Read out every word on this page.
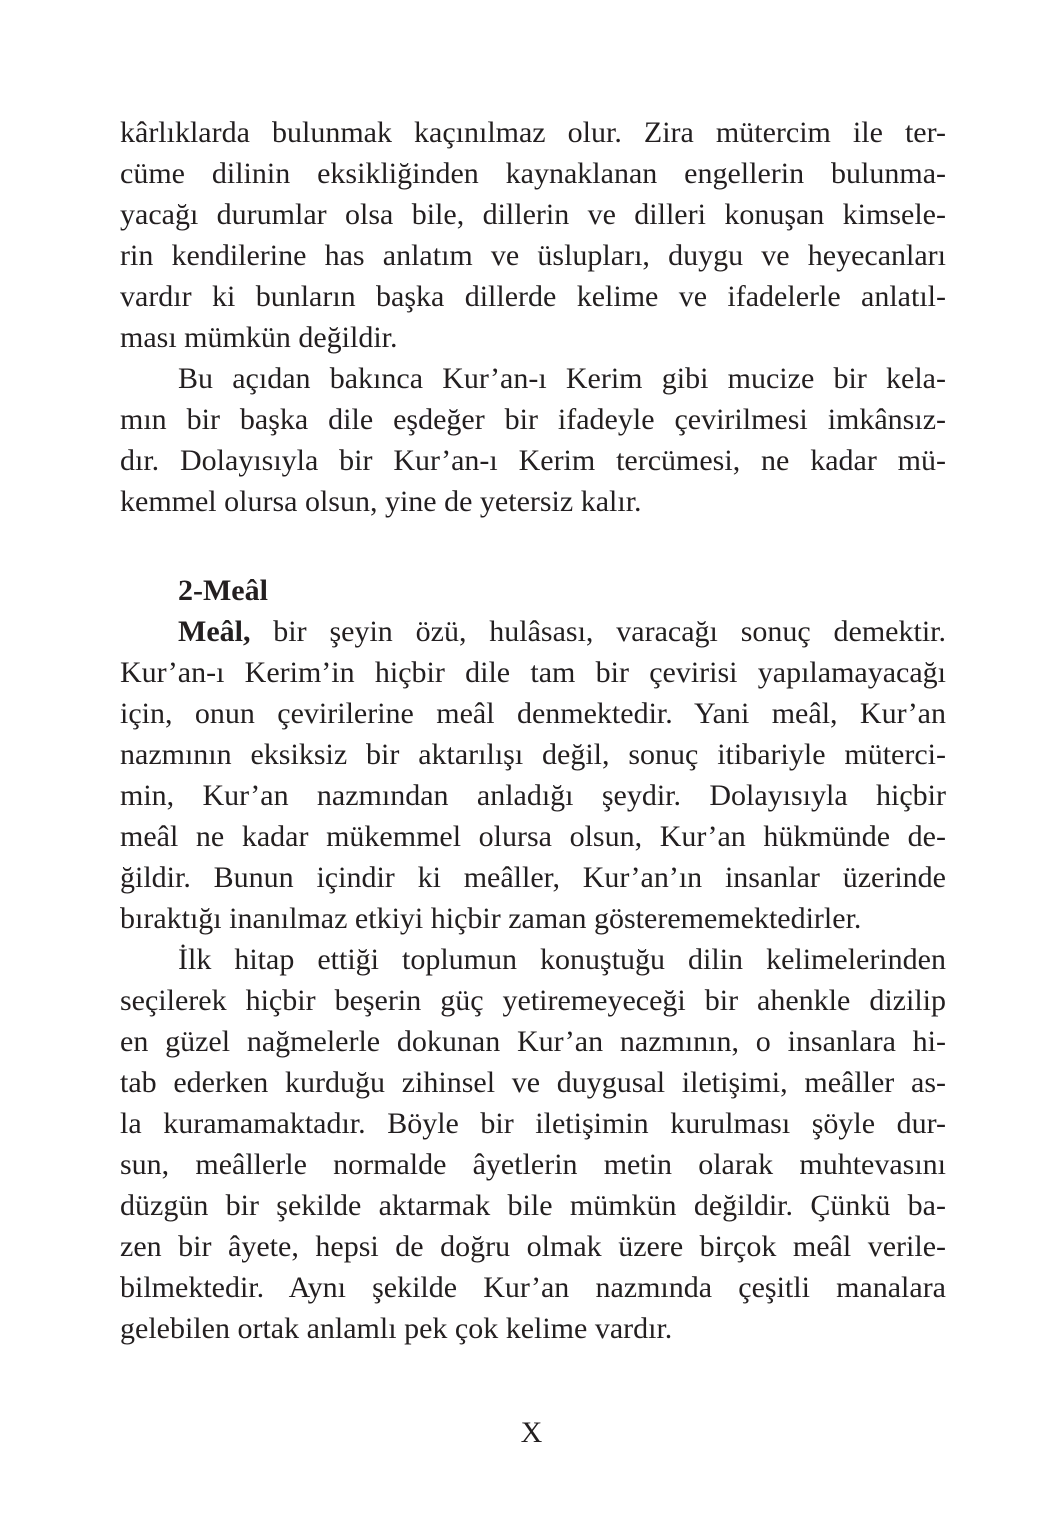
kârlıklarda bulunmak kaçınılmaz olur. Zira mütercim ile ter-
cüme dilinin eksikliğinden kaynaklanan engellerin bulunma-
yacağı durumlar olsa bile, dillerin ve dilleri konuşan kimsele-
rin kendilerine has anlatım ve üslupları, duygu ve heyecanları
vardır ki bunların başka dillerde kelime ve ifadelerle anlatıl-
ması mümkün değildir.
Bu açıdan bakınca Kur’an-ı Kerim gibi mucize bir kela-
mın bir başka dile eşdeğer bir ifadeyle çevirilmesi imkânsız-
dır. Dolayısıyla bir Kur’an-ı Kerim tercümesi, ne kadar mü-
kemmel olursa olsun, yine de yetersiz kalır.
2-Meâl
Meâl, bir şeyin özü, hulâsası, varacağı sonuç demektir.
Kur’an-ı Kerim’in hiçbir dile tam bir çevirisi yapılamayacağı
için, onun çevirilerine meâl denmektedir. Yani meâl, Kur’an
nazmının eksiksiz bir aktarılışı değil, sonuç itibariyle müterci-
min, Kur’an nazmından anladığı şeydir. Dolayısıyla hiçbir
meâl ne kadar mükemmel olursa olsun, Kur’an hükmünde de-
ğildir. Bunun içindir ki meâller, Kur’an’ın insanlar üzerinde
bıraktığı inanılmaz etkiyi hiçbir zaman gösterememektedirler.
İlk hitap ettiği toplumun konuştuğu dilin kelimelerinden
seçilerek hiçbir beşerin güç yetiremeyeceği bir ahenkle dizilip
en güzel nağmelerle dokunan Kur’an nazmının, o insanlara hi-
tab ederken kurduğu zihinsel ve duygusal iletişimi, meâller as-
la kuramamaktadır. Böyle bir iletişimin kurulması şöyle dur-
sun, meâllerle normalde âyetlerin metin olarak muhtevasını
düzgün bir şekilde aktarmak bile mümkün değildir. Çünkü ba-
zen bir âyete, hepsi de doğru olmak üzere birçok meâl verile-
bilmektedir. Aynı şekilde Kur’an nazmında çeşitli manalara
gelebilen ortak anlamlı pek çok kelime vardır.
X
